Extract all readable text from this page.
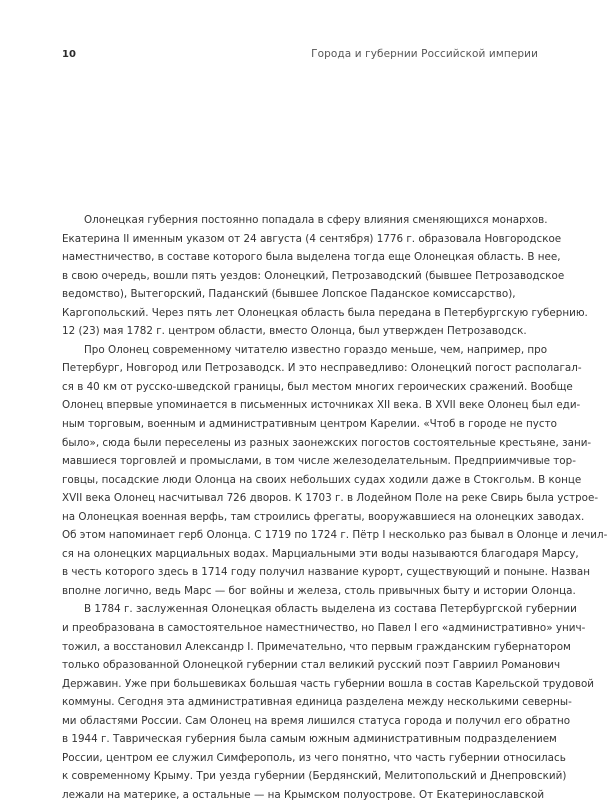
10	Города и губернии Российской империи
Олонецкая губерния постоянно попадала в сферу влияния сменяющихся монархов.
Екатерина II именным указом от 24 августа (4 сентября) 1776 г. образовала Новгородское
наместничество, в составе которого была выделена тогда еще Олонецкая область. В нее,
в свою очередь, вошли пять уездов: Олонецкий, Петрозаводский (бывшее Петрозаводское
ведомство), Вытегорский, Паданский (бывшее Лопское Паданское комиссарство),
Каргопольский. Через пять лет Олонецкая область была передана в Петербургскую губернию.
12 (23) мая 1782 г. центром области, вместо Олонца, был утвержден Петрозаводск.
Про Олонец современному читателю известно гораздо меньше, чем, например, про
Петербург, Новгород или Петрозаводск. И это несправедливо: Олонецкий погост располагал-
ся в 40 км от русско-шведской границы, был местом многих героических сражений. Вообще
Олонец впервые упоминается в письменных источниках XII века. В XVII веке Олонец был еди-
ным торговым, военным и административным центром Карелии. «Чтоб в городе не пусто
было», сюда были переселены из разных заонежских погостов состоятельные крестьяне, зани-
мавшиеся торговлей и промыслами, в том числе железоделательным. Предприимчивые тор-
говцы, посадские люди Олонца на своих небольших судах ходили даже в Стокгольм. В конце
XVII века Олонец насчитывал 726 дворов. К 1703 г. в Лодейном Поле на реке Свирь была устрое-
на Олонецкая военная верфь, там строились фрегаты, вооружавшиеся на олонецких заводах.
Об этом напоминает герб Олонца. С 1719 по 1724 г. Пётр I несколько раз бывал в Олонце и лечил-
ся на олонецких марциальных водах. Марциальными эти воды называются благодаря Марсу,
в честь которого здесь в 1714 году получил название курорт, существующий и поныне. Назван
вполне логично, ведь Марс — бог войны и железа, столь привычных быту и истории Олонца.
В 1784 г. заслуженная Олонецкая область выделена из состава Петербургской губернии
и преобразована в самостоятельное наместничество, но Павел I его «административно» унич-
тожил, а восстановил Александр I. Примечательно, что первым гражданским губернатором
только образованной Олонецкой губернии стал великий русский поэт Гавриил Романович
Державин. Уже при большевиках большая часть губернии вошла в состав Карельской трудовой
коммуны. Сегодня эта административная единица разделена между несколькими северны-
ми областями России. Сам Олонец на время лишился статуса города и получил его обратно
в 1944 г. Таврическая губерния была самым южным административным подразделением
России, центром ее служил Симферополь, из чего понятно, что часть губернии относилась
к современному Крыму. Три уезда губернии (Бердянский, Мелитопольский и Днепровский)
лежали на материке, а остальные — на Крымском полуострове. От Екатеринославской
